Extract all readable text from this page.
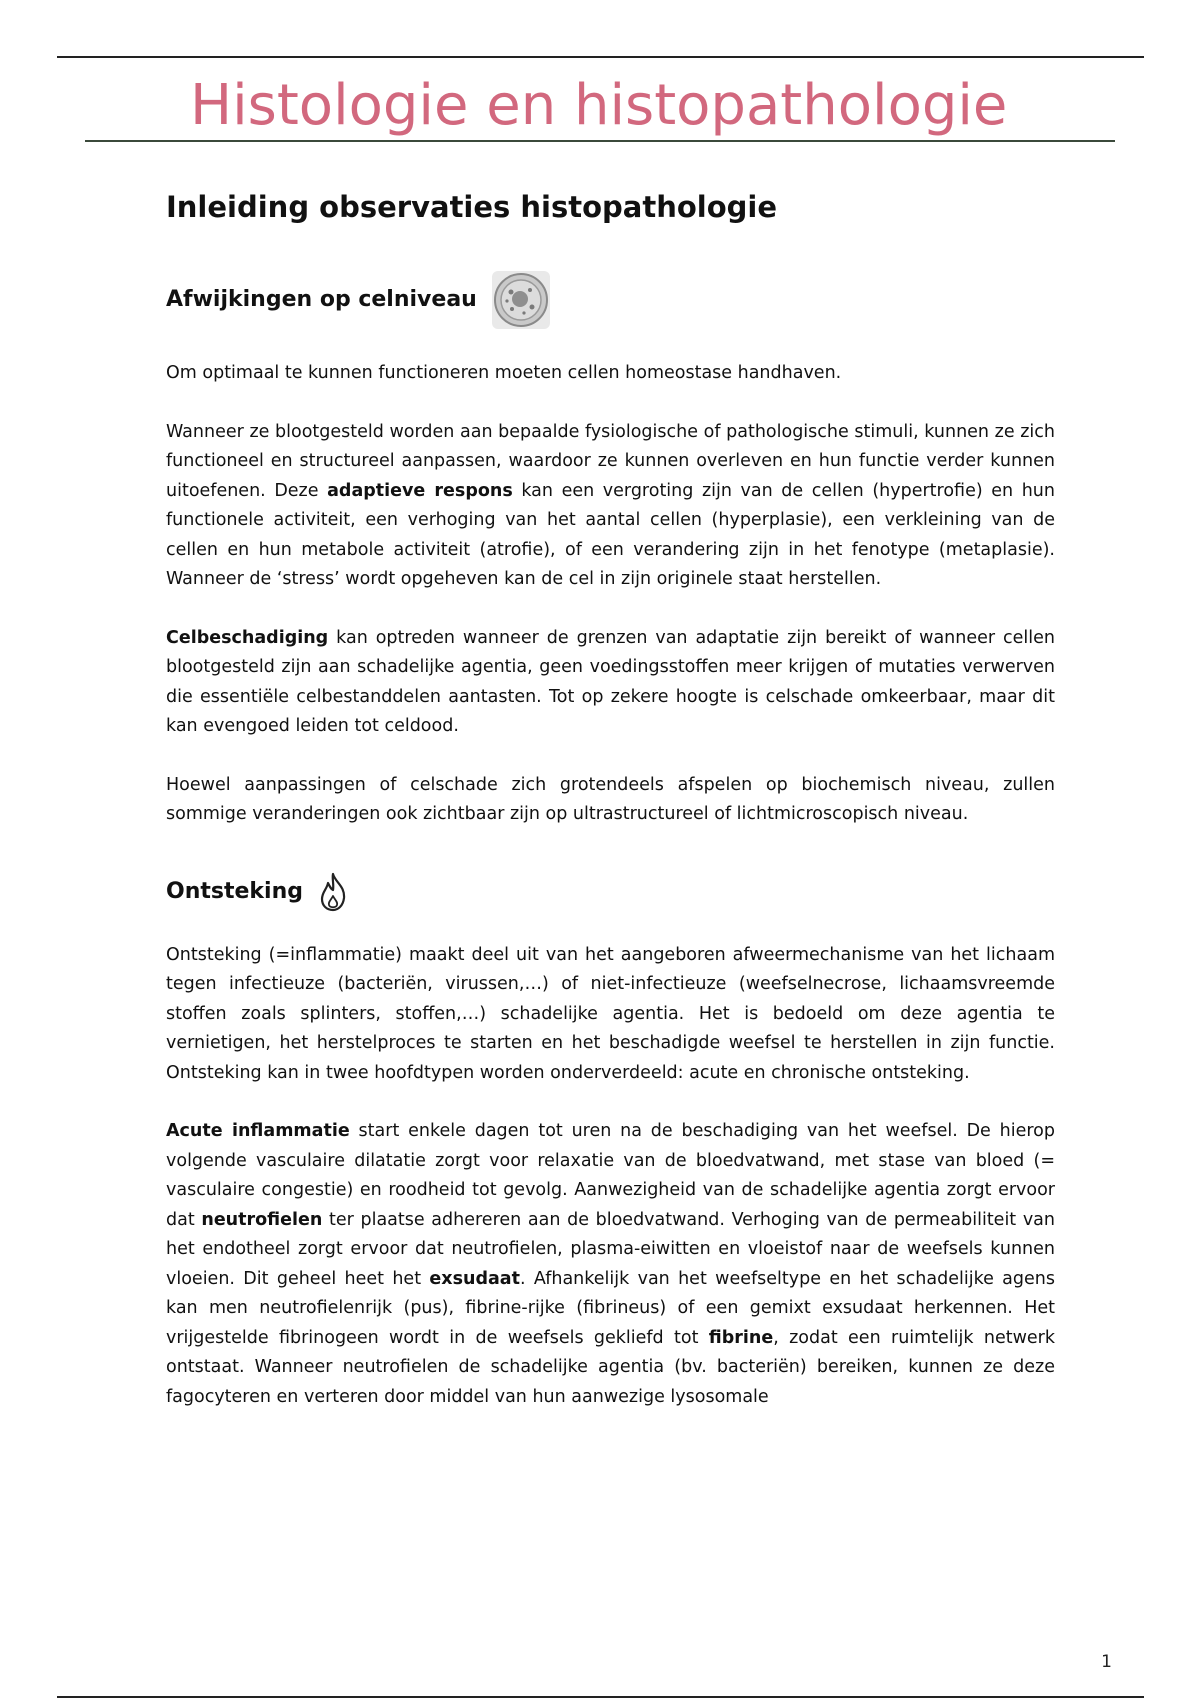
Histologie en histopathologie
Inleiding observaties histopathologie
Afwijkingen op celniveau

Om optimaal te kunnen functioneren moeten cellen homeostase handhaven.

Wanneer ze blootgesteld worden aan bepaalde fysiologische of pathologische stimuli, kunnen ze zich functioneel en structureel aanpassen, waardoor ze kunnen overleven en hun functie verder kunnen uitoefenen. Deze adaptieve respons kan een vergroting zijn van de cellen (hypertrofie) en hun functionele activiteit, een verhoging van het aantal cellen (hyperplasie), een verkleining van de cellen en hun metabole activiteit (atrofie), of een verandering zijn in het fenotype (metaplasie). Wanneer de ‘stress’ wordt opgeheven kan de cel in zijn originele staat herstellen.

Celbeschadiging kan optreden wanneer de grenzen van adaptatie zijn bereikt of wanneer cellen blootgesteld zijn aan schadelijke agentia, geen voedingsstoffen meer krijgen of mutaties verwerven die essentiële celbestanddelen aantasten. Tot op zekere hoogte is celschade omkeerbaar, maar dit kan evengoed leiden tot celdood.

Hoewel aanpassingen of celschade zich grotendeels afspelen op biochemisch niveau, zullen sommige veranderingen ook zichtbaar zijn op ultrastructureel of lichtmicroscopisch niveau.

Ontsteking

Ontsteking (=inflammatie) maakt deel uit van het aangeboren afweermechanisme van het lichaam tegen infectieuze (bacteriën, virussen,…) of niet-infectieuze (weefselnecrose, lichaamsvreemde stoffen zoals splinters, stoffen,…) schadelijke agentia. Het is bedoeld om deze agentia te vernietigen, het herstelproces te starten en het beschadigde weefsel te herstellen in zijn functie. Ontsteking kan in twee hoofdtypen worden onderverdeeld: acute en chronische ontsteking.

Acute inflammatie start enkele dagen tot uren na de beschadiging van het weefsel. De hierop volgende vasculaire dilatatie zorgt voor relaxatie van de bloedvatwand, met stase van bloed (= vasculaire congestie) en roodheid tot gevolg. Aanwezigheid van de schadelijke agentia zorgt ervoor dat neutrofielen ter plaatse adhereren aan de bloedvatwand. Verhoging van de permeabiliteit van het endotheel zorgt ervoor dat neutrofielen, plasma-eiwitten en vloeistof naar de weefsels kunnen vloeien. Dit geheel heet het exsudaat. Afhankelijk van het weefseltype en het schadelijke agens kan men neutrofielenrijk (pus), fibrine-rijke (fibrineus) of een gemixt exsudaat herkennen. Het vrijgestelde fibrinogeen wordt in de weefsels gekliefd tot fibrine, zodat een ruimtelijk netwerk ontstaat. Wanneer neutrofielen de schadelijke agentia (bv. bacteriën) bereiken, kunnen ze deze fagocyteren en verteren door middel van hun aanwezige lysosomale

1
